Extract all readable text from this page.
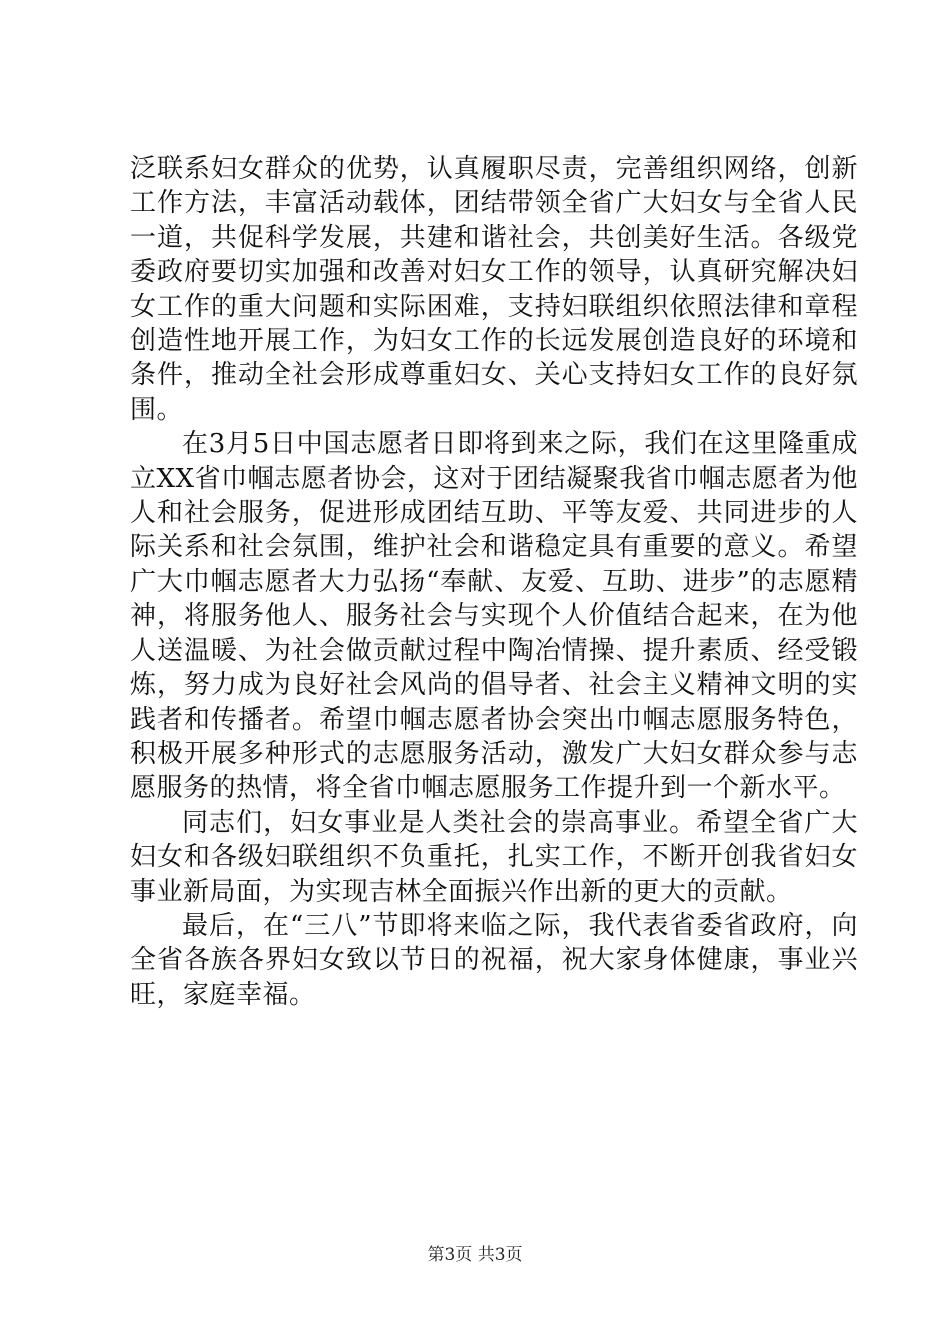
泛联系妇女群众的优势，认真履职尽责，完善组织网络，创新工作方法，丰富活动载体，团结带领全省广大妇女与全省人民一道，共促科学发展，共建和谐社会，共创美好生活。各级党委政府要切实加强和改善对妇女工作的领导，认真研究解决妇女工作的重大问题和实际困难，支持妇联组织依照法律和章程创造性地开展工作，为妇女工作的长远发展创造良好的环境和条件，推动全社会形成尊重妇女、关心支持妇女工作的良好氛围。

在3月5日中国志愿者日即将到来之际，我们在这里隆重成立XX省巾帼志愿者协会，这对于团结凝聚我省巾帼志愿者为他人和社会服务，促进形成团结互助、平等友爱、共同进步的人际关系和社会氛围，维护社会和谐稳定具有重要的意义。希望广大巾帼志愿者大力弘扬“奉献、友爱、互助、进步”的志愿精神，将服务他人、服务社会与实现个人价值结合起来，在为他人送温暖、为社会做贡献过程中陶冶情操、提升素质、经受锻炼，努力成为良好社会风尚的倡导者、社会主义精神文明的实践者和传播者。希望巾帼志愿者协会突出巾帼志愿服务特色，积极开展多种形式的志愿服务活动，激发广大妇女群众参与志愿服务的热情，将全省巾帼志愿服务工作提升到一个新水平。

同志们，妇女事业是人类社会的崇高事业。希望全省广大妇女和各级妇联组织不负重托，扎实工作，不断开创我省妇女事业新局面，为实现吉林全面振兴作出新的更大的贡献。

最后，在“三八”节即将来临之际，我代表省委省政府，向全省各族各界妇女致以节日的祝福，祝大家身体健康，事业兴旺，家庭幸福。

第3页 共3页
